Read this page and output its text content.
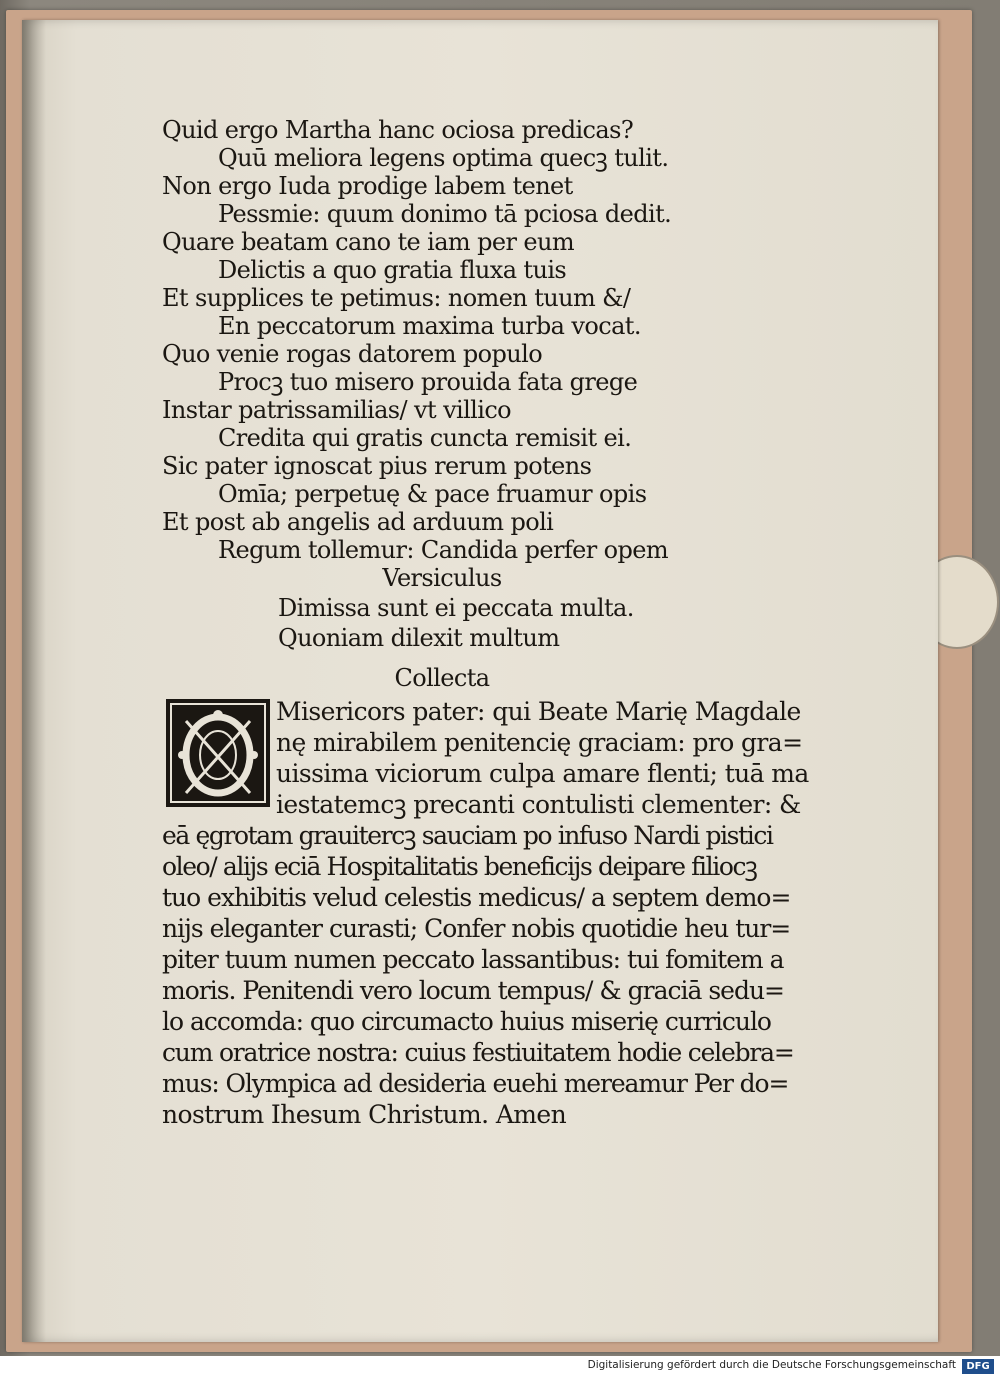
Quid ergo Martha hanc ociosa predicas?
Quū meliora legens optima quecꝫ tulit.
Non ergo Iuda prodige labem tenet
Pessmie: quum donimo tā pciosa dedit.
Quare beatam cano te iam per eum
Delictis a quo gratia fluxa tuis
Et supplices te petimus: nomen tuum &/
En peccatorum maxima turba vocat.
Quo venie rogas datorem populo
Procꝫ tuo misero prouida fata grege
Instar patrissamilias/ vt villico
Credita qui gratis cuncta remisit ei.
Sic pater ignoscat pius rerum potens
Omīa; perpetuę & pace fruamur opis
Et post ab angelis ad arduum poli
Regum tollemur: Candida perfer opem
Versiculus
Dimissa sunt ei peccata multa.
Quoniam dilexit multum
Collecta
Misericors pater: qui Beate Marię Magdale
nę mirabilem penitencię graciam: pro gra=
uissima viciorum culpa amare flenti; tuā ma
iestatemcꝫ precanti contulisti clementer: &
eā ęgrotam grauitercꝫ sauciam po infuso Nardi pistici
oleo/ alijs eciā Hospitalitatis beneficijs deipare filiocꝫ
tuo exhibitis velud celestis medicus/ a septem demo=
nijs eleganter curasti; Confer nobis quotidie heu tur=
piter tuum numen peccato lassantibus: tui fomitem a
moris. Penitendi vero locum tempus/ & graciā sedu=
lo accomda: quo circumacto huius miserię curriculo
cum oratrice nostra: cuius festiuitatem hodie celebra=
mus: Olympica ad desideria euehi mereamur Per do=
nostrum Ihesum Christum. Amen
Digitalisierung gefördert durch die Deutsche Forschungsgemeinschaft	DFG
